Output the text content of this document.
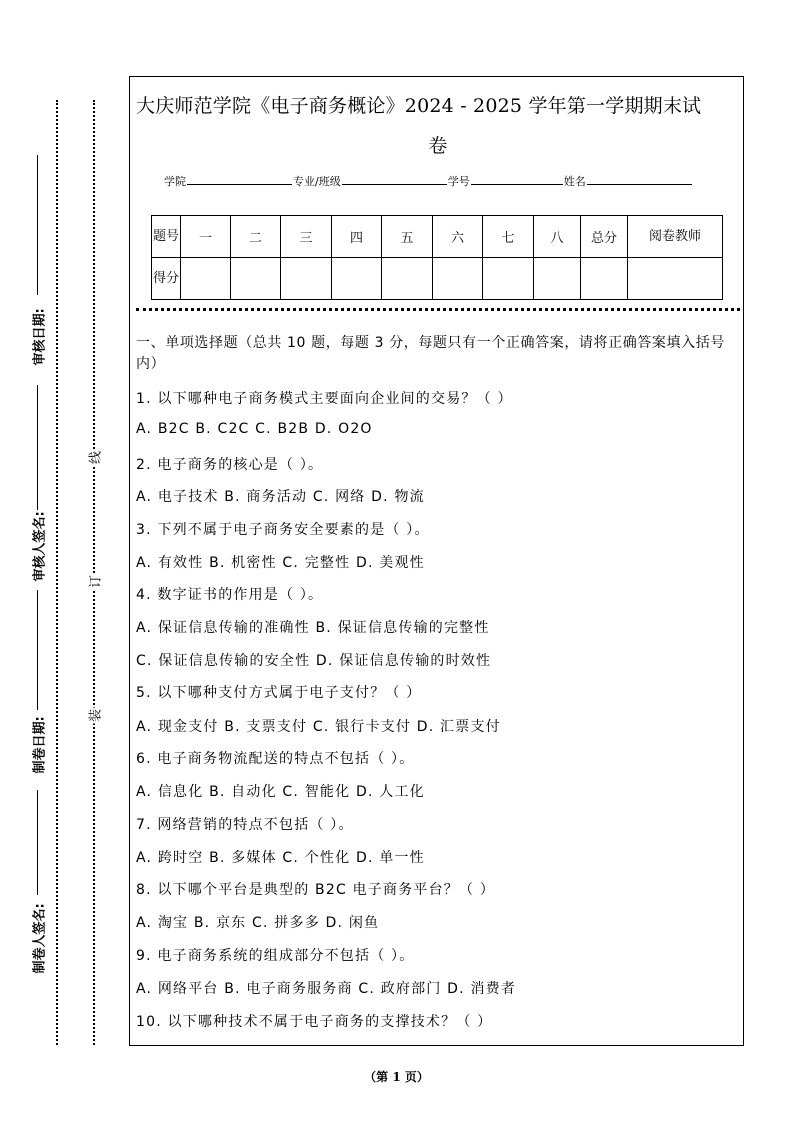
审核日期:
审核人签名:
制卷日期:
制卷人签名:
线
订
装
大庆师范学院《电子商务概论》2024 - 2025 学年第一学期期末试
卷
学院	专业/班级	学号	姓名
题号	一	二	三	四	五	六	七	八	总分	阅卷教师
得分										
一、单项选择题（总共 10 题，每题 3 分，每题只有一个正确答案，请将正确答案填入括号内）
1. 以下哪种电子商务模式主要面向企业间的交易？（ ）
A. B2C B. C2C C. B2B D. O2O
2. 电子商务的核心是（ ）。
A. 电子技术 B. 商务活动 C. 网络 D. 物流
3. 下列不属于电子商务安全要素的是（ ）。
A. 有效性 B. 机密性 C. 完整性 D. 美观性
4. 数字证书的作用是（ ）。
A. 保证信息传输的准确性 B. 保证信息传输的完整性
C. 保证信息传输的安全性 D. 保证信息传输的时效性
5. 以下哪种支付方式属于电子支付？（ ）
A. 现金支付 B. 支票支付 C. 银行卡支付 D. 汇票支付
6. 电子商务物流配送的特点不包括（ ）。
A. 信息化 B. 自动化 C. 智能化 D. 人工化
7. 网络营销的特点不包括（ ）。
A. 跨时空 B. 多媒体 C. 个性化 D. 单一性
8. 以下哪个平台是典型的 B2C 电子商务平台？（ ）
A. 淘宝 B. 京东 C. 拼多多 D. 闲鱼
9. 电子商务系统的组成部分不包括（ ）。
A. 网络平台 B. 电子商务服务商 C. 政府部门 D. 消费者
10. 以下哪种技术不属于电子商务的支撑技术？（ ）
（第 1 页）
